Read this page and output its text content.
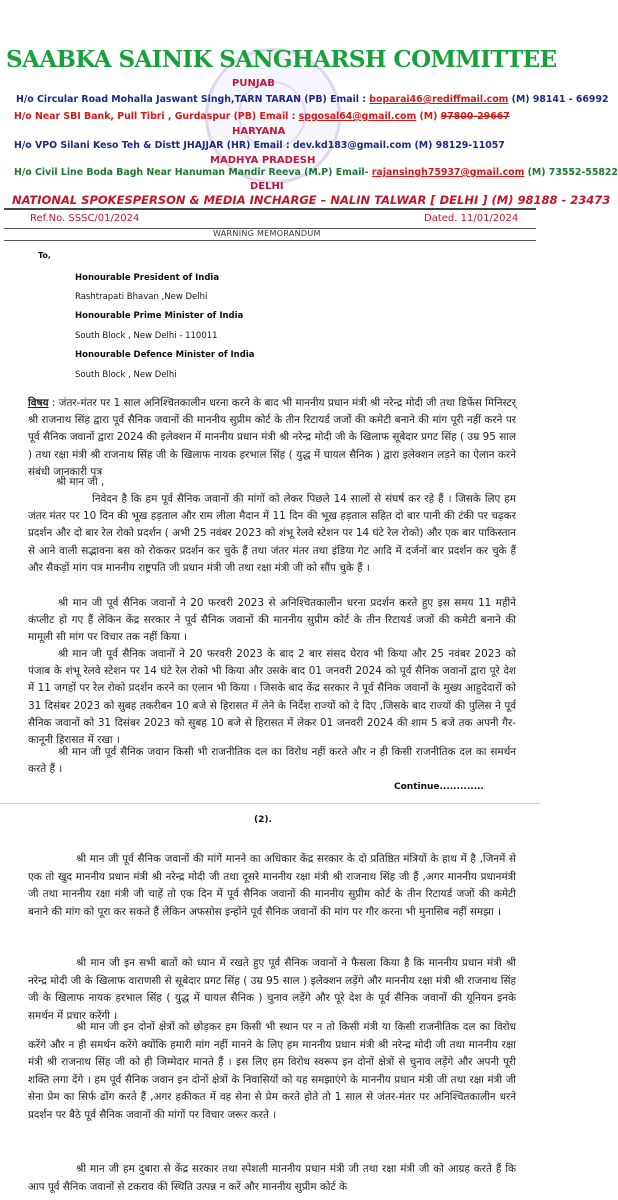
SAABKA SAINIK SANGHARSH COMMITTEE
PUNJAB
H/o Circular Road Mohalla Jaswant Singh,TARN TARAN (PB) Email : boparai46@rediffmail.com (M) 98141 - 66992
H/o Near SBI Bank, Pull Tibri , Gurdaspur (PB) Email : spgosal64@gmail.com (M) 97800-29667
HARYANA
H/o VPO Silani Keso Teh & Distt JHAJJAR (HR) Email : dev.kd183@gmail.com (M) 98129-11057
MADHYA PRADESH
H/o Civil Line Boda Bagh Near Hanuman Mandir Reeva (M.P) Email- rajansingh75937@gmail.com (M) 73552-55822
DELHI
NATIONAL SPOKESPERSON & MEDIA INCHARGE – NALIN TALWAR [ DELHI ] (M) 98188 - 23473
Ref.No. SSSC/01/2024	Dated. 11/01/2024
WARNING MEMORANDUM
To,
Honourable President of India
Rashtrapati Bhavan ,New Delhi
Honourable Prime Minister of India
South Block , New Delhi - 110011
Honourable Defence Minister of India
South Block , New Delhi

विषय : जंतर-मंतर पर 1 साल अनिश्चितकालीन धरना करने के बाद भी माननीय प्रधान मंत्री श्री नरेन्द्र मोदी जी तथा डिफेंस मिनिस्टर् श्री राजनाथ सिंह द्वारा पूर्व सैनिक जवानों की माननीय सुप्रीम कोर्ट के तीन रिटायर्ड जजों की कमेटी बनाने की मांग पूरी नहीं करने पर पूर्व सैनिक जवानों द्वारा 2024 की इलेक्शन में माननीय प्रधान मंत्री श्री नरेन्द्र मोदी जी के खिलाफ सूबेदार प्रगट सिंह ( उम्र 95 साल ) तथा रक्षा मंत्री श्री राजनाथ सिंह जी के खिलाफ नायक हरभाल सिंह ( युद्ध में घायल सैनिक ) द्वारा इलेक्शन लड़ने का ऐलान करने संबंधी जानकारी पत्र

श्री मान जी ,

निवेदन है कि हम पूर्व सैनिक जवानों की मांगों को लेकर पिछले 14 सालों से संघर्ष कर रहे हैं । जिसके लिए हम जंतर मंतर पर 10 दिन की भूख हड़ताल और राम लीला मैदान में 11 दिन की भूख हड़ताल सहित दो बार पानी की टंकी पर चढ़कर प्रदर्शन और दो बार रेल रोको प्रदर्शन ( अभी 25 नवंबर 2023 को शंभू रेलवे स्टेशन पर 14 घंटे रेल रोको) और एक बार पाकिस्तान से आने वाली सद्भावना बस को रोककर प्रदर्शन कर चुके हैं तथा जंतर मंतर तथा इंडिया गेट आदि में दर्जनों बार प्रदर्शन कर चुके हैं और सैकड़ों मांग पत्र माननीय राष्ट्रपति जी प्रधान मंत्री जी तथा रक्षा मंत्री जी को सौंप चुके हैं ।

श्री मान जी पूर्व सैनिक जवानों ने 20 फरवरी 2023 से अनिश्चितकालीन धरना प्रदर्शन करते हुए इस समय 11 महीने कंप्लीट हो गए हैं लेकिन केंद्र सरकार ने पूर्व सैनिक जवानों की माननीय सुप्रीम कोर्ट के तीन रिटायर्ड जजों की कमेटी बनाने की मामूली सी मांग पर विचार तक नहीं किया ।

श्री मान जी पूर्व सैनिक जवानों ने 20 फरवरी 2023 के बाद 2 बार संसद घेराव भी किया और 25 नवंबर 2023 को पंजाब के शंभू रेलवे स्टेशन पर 14 घंटे रेल रोको भी किया और उसके बाद 01 जनवरी 2024 को पूर्व सैनिक जवानों द्वारा पूरे देश में 11 जगहों पर रेल रोको प्रदर्शन करने का एलान भी किया । जिसके बाद केंद्र सरकार ने पूर्व सैनिक जवानों के मुख्य आहुदेदारों को 31 दिसंबर 2023 को सुबह तकरीबन 10 बजे से हिरासत में लेने के निर्देश राज्यों को दे दिए ,जिसके बाद राज्यों की पुलिस ने पूर्व सैनिक जवानों को 31 दिसंबर 2023 को सुबह 10 बजे से हिरासत में लेकर 01 जनवरी 2024 की शाम 5 बजे तक अपनी गैर-कानूनी हिरासत में रखा ।

श्री मान जी पूर्व सैनिक जवान किसी भी राजनीतिक दल का विरोध नहीं करते और न ही किसी राजनीतिक दल का समर्थन करते हैं ।

Continue.............
(2).

श्री मान जी पूर्व सैनिक जवानों की मांगें मानने का अधिकार केंद्र सरकार के दो प्रतिष्ठित मंत्रियों के हाथ में है ,जिनमें से एक तो खुद माननीय प्रधान मंत्री श्री नरेन्द्र मोदी जी तथा दूसरे माननीय रक्षा मंत्री श्री राजनाथ सिंह जी हैं ,अगर माननीय प्रधानमंत्री जी तथा माननीय रक्षा मंत्री जी चाहें तो एक दिन में पूर्व सैनिक जवानों की माननीय सुप्रीम कोर्ट के तीन रिटायर्ड जजों की कमेटी बनाने की मांग को पूरा कर सकते हैं लेकिन अफसोस इन्होंने पूर्व सैनिक जवानों की मांग पर गौर करना भी मुनासिब नहीं समझा ।

श्री मान जी इन सभी बातों को ध्यान में रखते हुए पूर्व सैनिक जवानों ने फैसला किया है कि माननीय प्रधान मंत्री श्री नरेन्द्र मोदी जी के खिलाफ वाराणसी से सूबेदार प्रगट सिंह ( उम्र 95 साल ) इलेक्शन लड़ेंगे और माननीय रक्षा मंत्री श्री राजनाथ सिंह जी के खिलाफ नायक हरभाल सिंह ( युद्ध में घायल सैनिक ) चुनाव लड़ेंगे और पूरे देश के पूर्व सैनिक जवानों की यूनियन इनके समर्थन में प्रचार करेंगी ।

श्री मान जी इन दोनों क्षेत्रों को छोड़कर हम किसी भी स्थान पर न तो किसी मंत्री या किसी राजनीतिक दल का विरोध करेंगे और न ही समर्थन करेंगे क्योंकि हमारी मांग नहीं मानने के लिए हम माननीय प्रधान मंत्री श्री नरेन्द्र मोदी जी तथा माननीय रक्षा मंत्री श्री राजनाथ सिंह जी को ही जिम्मेदार मानते हैं । इस लिए हम विरोध स्वरूप इन दोनों क्षेत्रों से चुनाव लड़ेंगे और अपनी पूरी शक्ति लगा देंगे । हम पूर्व सैनिक जवान इन दोनों क्षेत्रों के निवासियों को यह समझाएंगे के माननीय प्रधान मंत्री जी तथा रक्षा मंत्री जी सेना प्रेम का सिर्फ ढोंग करते हैं ,अगर हकीकत में वह सेना से प्रेम करते होते तो 1 साल से जंतर-मंतर पर अनिश्चितकालीन धरने प्रदर्शन पर बैठे पूर्व सैनिक जवानों की मांगों पर विचार जरूर करते ।

श्री मान जी हम दुबारा से केंद्र सरकार तथा स्पेशली माननीय प्रधान मंत्री जी तथा रक्षा मंत्री जी को आग्रह करते हैं कि आप पूर्व सैनिक जवानों से टकराव की स्थिति उत्पन्न न करें और माननीय सुप्रीम कोर्ट के
